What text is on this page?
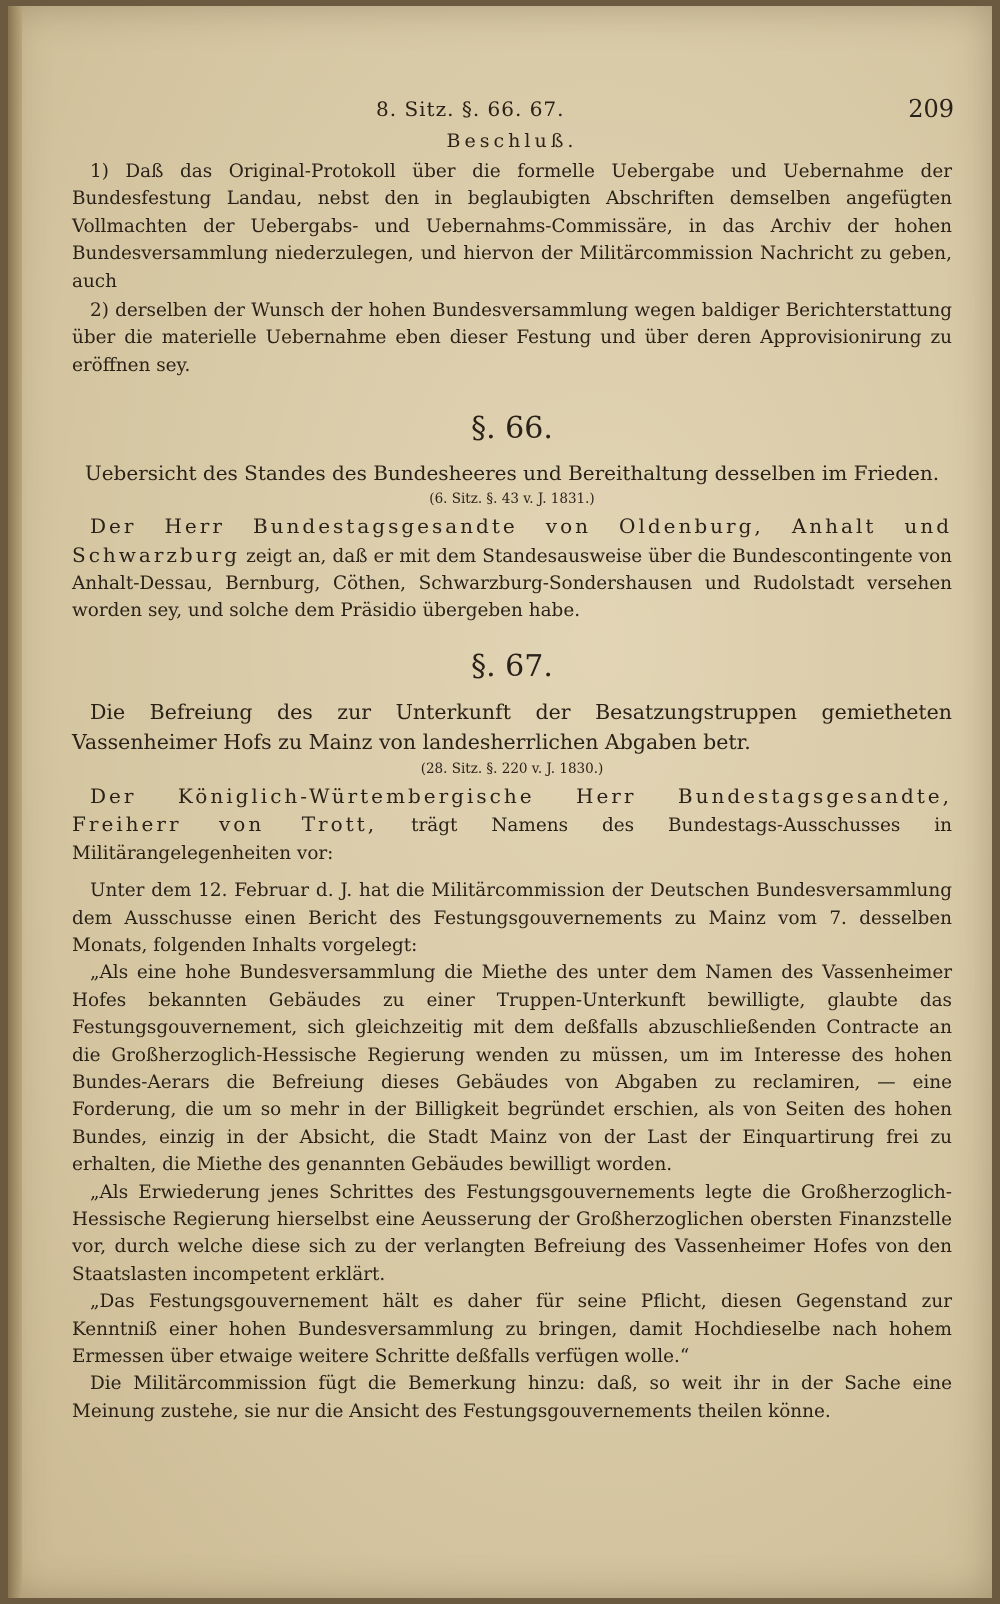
8. Sitz. §. 66. 67.	209
Beschluß.

1) Daß das Original-Protokoll über die formelle Uebergabe und Uebernahme der Bundesfestung Landau, nebst den in beglaubigten Abschriften demselben angefügten Vollmachten der Uebergabs- und Uebernahms-Commissäre, in das Archiv der hohen Bundesversammlung niederzulegen, und hiervon der Militärcommission Nachricht zu geben, auch

2) derselben der Wunsch der hohen Bundesversammlung wegen baldiger Berichterstattung über die materielle Uebernahme eben dieser Festung und über deren Approvisionirung zu eröffnen sey.

§. 66.

Uebersicht des Standes des Bundesheeres und Bereithaltung desselben im Frieden.

(6. Sitz. §. 43 v. J. 1831.)

Der Herr Bundestagsgesandte von Oldenburg, Anhalt und Schwarzburg zeigt an, daß er mit dem Standesausweise über die Bundescontingente von Anhalt-Dessau, Bernburg, Cöthen, Schwarzburg-Sondershausen und Rudolstadt versehen worden sey, und solche dem Präsidio übergeben habe.

§. 67.

Die Befreiung des zur Unterkunft der Besatzungstruppen gemietheten Vassenheimer Hofs zu Mainz von landesherrlichen Abgaben betr.

(28. Sitz. §. 220 v. J. 1830.)

Der Königlich-Würtembergische Herr Bundestagsgesandte, Freiherr von Trott, trägt Namens des Bundestags-Ausschusses in Militärangelegenheiten vor:

Unter dem 12. Februar d. J. hat die Militärcommission der Deutschen Bundesversammlung dem Ausschusse einen Bericht des Festungsgouvernements zu Mainz vom 7. desselben Monats, folgenden Inhalts vorgelegt:

„Als eine hohe Bundesversammlung die Miethe des unter dem Namen des Vassenheimer Hofes bekannten Gebäudes zu einer Truppen-Unterkunft bewilligte, glaubte das Festungsgouvernement, sich gleichzeitig mit dem deßfalls abzuschließenden Contracte an die Großherzoglich-Hessische Regierung wenden zu müssen, um im Interesse des hohen Bundes-Aerars die Befreiung dieses Gebäudes von Abgaben zu reclamiren, — eine Forderung, die um so mehr in der Billigkeit begründet erschien, als von Seiten des hohen Bundes, einzig in der Absicht, die Stadt Mainz von der Last der Einquartirung frei zu erhalten, die Miethe des genannten Gebäudes bewilligt worden.

„Als Erwiederung jenes Schrittes des Festungsgouvernements legte die Großherzoglich-Hessische Regierung hierselbst eine Aeusserung der Großherzoglichen obersten Finanzstelle vor, durch welche diese sich zu der verlangten Befreiung des Vassenheimer Hofes von den Staatslasten incompetent erklärt.

„Das Festungsgouvernement hält es daher für seine Pflicht, diesen Gegenstand zur Kenntniß einer hohen Bundesversammlung zu bringen, damit Hochdieselbe nach hohem Ermessen über etwaige weitere Schritte deßfalls verfügen wolle.“

Die Militärcommission fügt die Bemerkung hinzu: daß, so weit ihr in der Sache eine Meinung zustehe, sie nur die Ansicht des Festungsgouvernements theilen könne.
